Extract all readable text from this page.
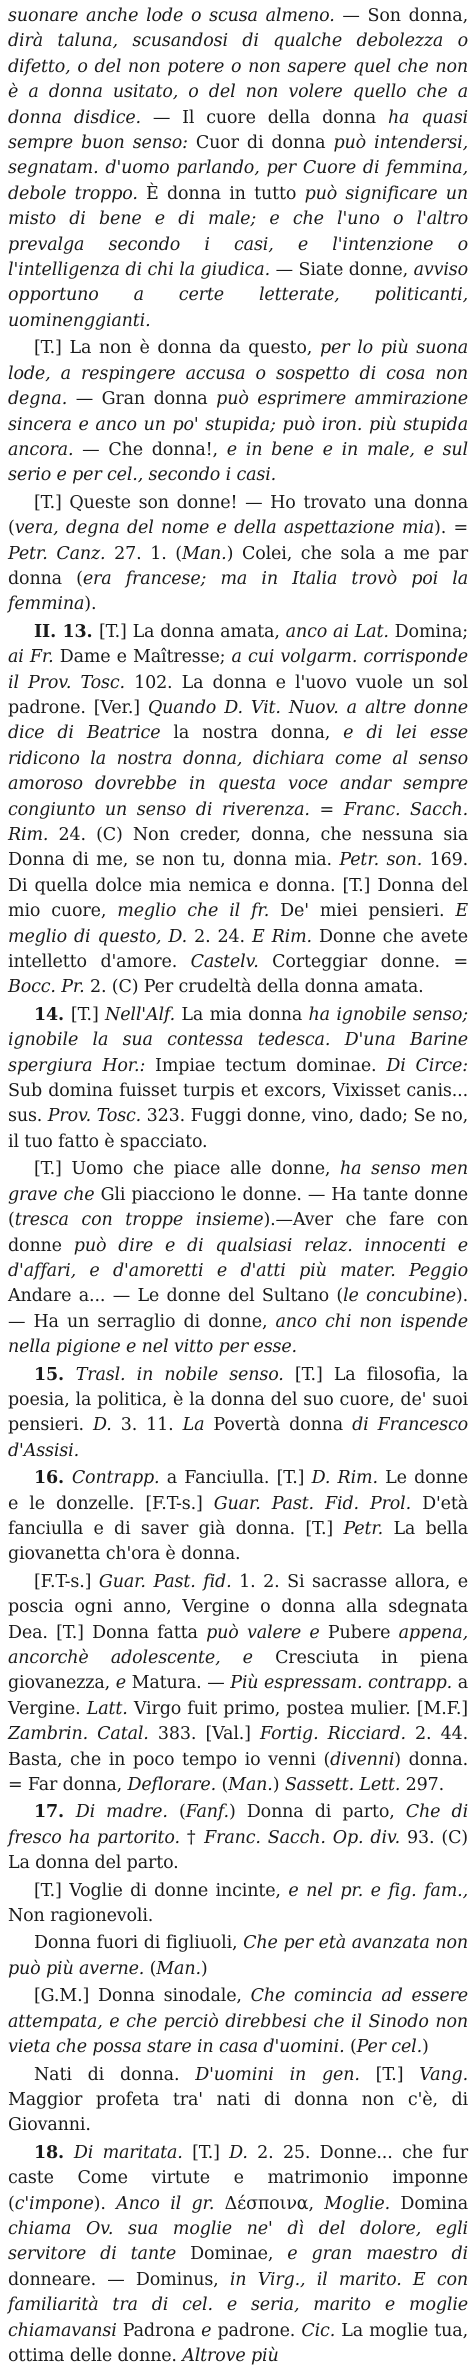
suonare anche lode o scusa almeno. — Son donna, dirà taluna, scusandosi di qualche debolezza o difetto, o del non potere o non sapere quel che non è a donna usitato, o del non volere quello che a donna disdice. — Il cuore della donna ha quasi sempre buon senso: Cuor di donna può intendersi, segnatam. d'uomo parlando, per Cuore di femmina, debole troppo. È donna in tutto può significare un misto di bene e di male; e che l'uno o l'altro prevalga secondo i casi, e l'intenzione o l'intelligenza di chi la giudica. — Siate donne, avviso opportuno a certe letterate, politicanti, uominenggianti.

[T.] La non è donna da questo, per lo più suona lode, a respingere accusa o sospetto di cosa non degna. — Gran donna può esprimere ammirazione sincera e anco un po' stupida; può iron. più stupida ancora. — Che donna!, e in bene e in male, e sul serio e per cel., secondo i casi.

[T.] Queste son donne! — Ho trovato una donna (vera, degna del nome e della aspettazione mia). = Petr. Canz. 27. 1. (Man.) Colei, che sola a me par donna (era francese; ma in Italia trovò poi la femmina).

II. 13. [T.] La donna amata, anco ai Lat. Domina; ai Fr. Dame e Maîtresse; a cui volgarm. corrisponde il Prov. Tosc. 102. La donna e l'uovo vuole un sol padrone. [Ver.] Quando D. Vit. Nuov. a altre donne dice di Beatrice la nostra donna, e di lei esse ridicono la nostra donna, dichiara come al senso amoroso dovrebbe in questa voce andar sempre congiunto un senso di riverenza. = Franc. Sacch. Rim. 24. (C) Non creder, donna, che nessuna sia Donna di me, se non tu, donna mia. Petr. son. 169. Di quella dolce mia nemica e donna. [T.] Donna del mio cuore, meglio che il fr. De' miei pensieri. E meglio di questo, D. 2. 24. E Rim. Donne che avete intelletto d'amore. Castelv. Corteggiar donne. = Bocc. Pr. 2. (C) Per crudeltà della donna amata.

14. [T.] Nell'Alf. La mia donna ha ignobile senso; ignobile la sua contessa tedesca. D'una Barine spergiura Hor.: Impiae tectum dominae. Di Circe: Sub domina fuisset turpis et excors, Vixisset canis... sus. Prov. Tosc. 323. Fuggi donne, vino, dado; Se no, il tuo fatto è spacciato.

[T.] Uomo che piace alle donne, ha senso men grave che Gli piacciono le donne. — Ha tante donne (tresca con troppe insieme).—Aver che fare con donne può dire e di qualsiasi relaz. innocenti e d'affari, e d'amoretti e d'atti più mater. Peggio Andare a... — Le donne del Sultano (le concubine). — Ha un serraglio di donne, anco chi non ispende nella pigione e nel vitto per esse.

15. Trasl. in nobile senso. [T.] La filosofia, la poesia, la politica, è la donna del suo cuore, de' suoi pensieri. D. 3. 11. La Povertà donna di Francesco d'Assisi.

16. Contrapp. a Fanciulla. [T.] D. Rim. Le donne e le donzelle. [F.T-s.] Guar. Past. Fid. Prol. D'età fanciulla e di saver già donna. [T.] Petr. La bella giovanetta ch'ora è donna.

[F.T-s.] Guar. Past. fid. 1. 2. Si sacrasse allora, e poscia ogni anno, Vergine o donna alla sdegnata Dea. [T.] Donna fatta può valere e Pubere appena, ancorchè adolescente, e Cresciuta in piena giovanezza, e Matura. — Più espressam. contrapp. a Vergine. Latt. Virgo fuit primo, postea mulier. [M.F.] Zambrin. Catal. 383. [Val.] Fortig. Ricciard. 2. 44. Basta, che in poco tempo io venni (divenni) donna. = Far donna, Deflorare. (Man.) Sassett. Lett. 297.

17. Di madre. (Fanf.) Donna di parto, Che di fresco ha partorito. † Franc. Sacch. Op. div. 93. (C) La donna del parto.

[T.] Voglie di donne incinte, e nel pr. e fig. fam., Non ragionevoli.

Donna fuori di figliuoli, Che per età avanzata non può più averne. (Man.)

[G.M.] Donna sinodale, Che comincia ad essere attempata, e che perciò direbbesi che il Sinodo non vieta che possa stare in casa d'uomini. (Per cel.)

Nati di donna. D'uomini in gen. [T.] Vang. Maggior profeta tra' nati di donna non c'è, di Giovanni.

18. Di maritata. [T.] D. 2. 25. Donne... che fur caste Come virtute e matrimonio imponne (c'impone). Anco il gr. Δέσποινα, Moglie. Domina chiama Ov. sua moglie ne' dì del dolore, egli servitore di tante Dominae, e gran maestro di donneare. — Dominus, in Virg., il marito. E con familiarità tra di cel. e seria, marito e moglie chiamavansi Padrona e padrone. Cic. La moglie tua, ottima delle donne. Altrove più
